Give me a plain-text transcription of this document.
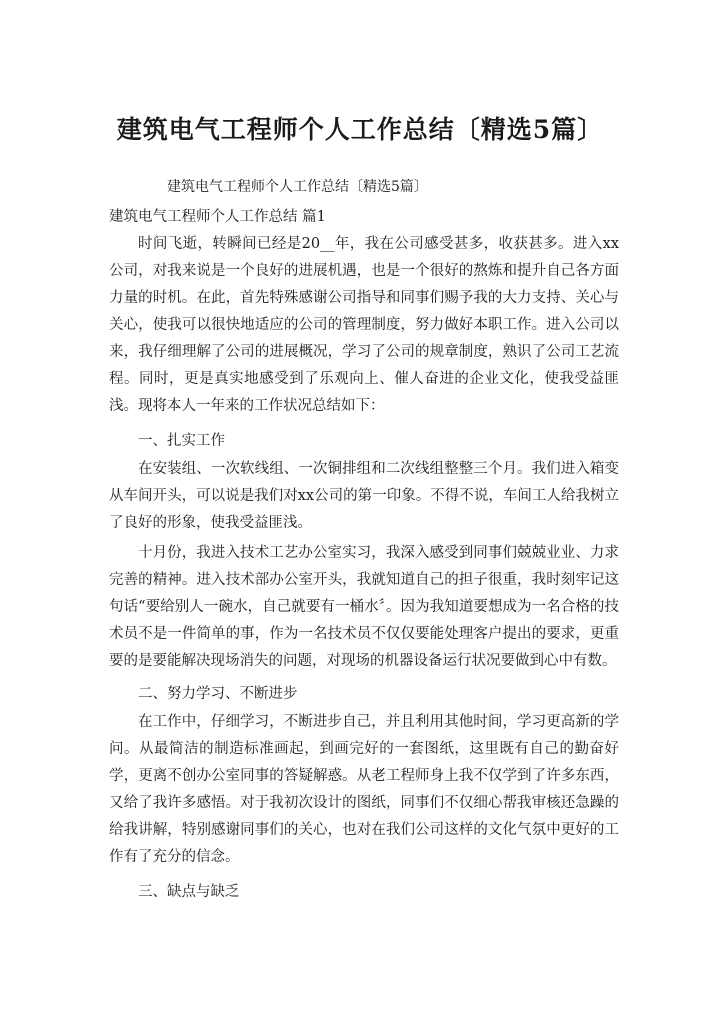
建筑电气工程师个人工作总结〔精选5篇〕
建筑电气工程师个人工作总结〔精选5篇〕
建筑电气工程师个人工作总结 篇1
时间飞逝，转瞬间已经是20__年，我在公司感受甚多，收获甚多。进入xx公司，对我来说是一个良好的进展机遇，也是一个很好的熬炼和提升自己各方面力量的时机。在此，首先特殊感谢公司指导和同事们赐予我的大力支持、关心与关心，使我可以很快地适应的公司的管理制度，努力做好本职工作。进入公司以来，我仔细理解了公司的进展概况，学习了公司的规章制度，熟识了公司工艺流程。同时，更是真实地感受到了乐观向上、催人奋进的企业文化，使我受益匪浅。现将本人一年来的工作状况总结如下：
一、扎实工作
在安装组、一次软线组、一次铜排组和二次线组整整三个月。我们进入箱变从车间开头，可以说是我们对xx公司的第一印象。不得不说，车间工人给我树立了良好的形象，使我受益匪浅。
十月份，我进入技术工艺办公室实习，我深入感受到同事们兢兢业业、力求完善的精神。进入技术部办公室开头，我就知道自己的担子很重，我时刻牢记这句话“要给别人一碗水，自己就要有一桶水〞。因为我知道要想成为一名合格的技术员不是一件简单的事，作为一名技术员不仅仅要能处理客户提出的要求，更重要的是要能解决现场消失的问题，对现场的机器设备运行状况要做到心中有数。
二、努力学习、不断进步
在工作中，仔细学习，不断进步自己，并且利用其他时间，学习更高新的学问。从最简洁的制造标准画起，到画完好的一套图纸，这里既有自己的勤奋好学，更离不创办公室同事的答疑解惑。从老工程师身上我不仅学到了许多东西，又给了我许多感悟。对于我初次设计的图纸，同事们不仅细心帮我审核还急躁的给我讲解，特别感谢同事们的关心，也对在我们公司这样的文化气氛中更好的工作有了充分的信念。
三、缺点与缺乏
